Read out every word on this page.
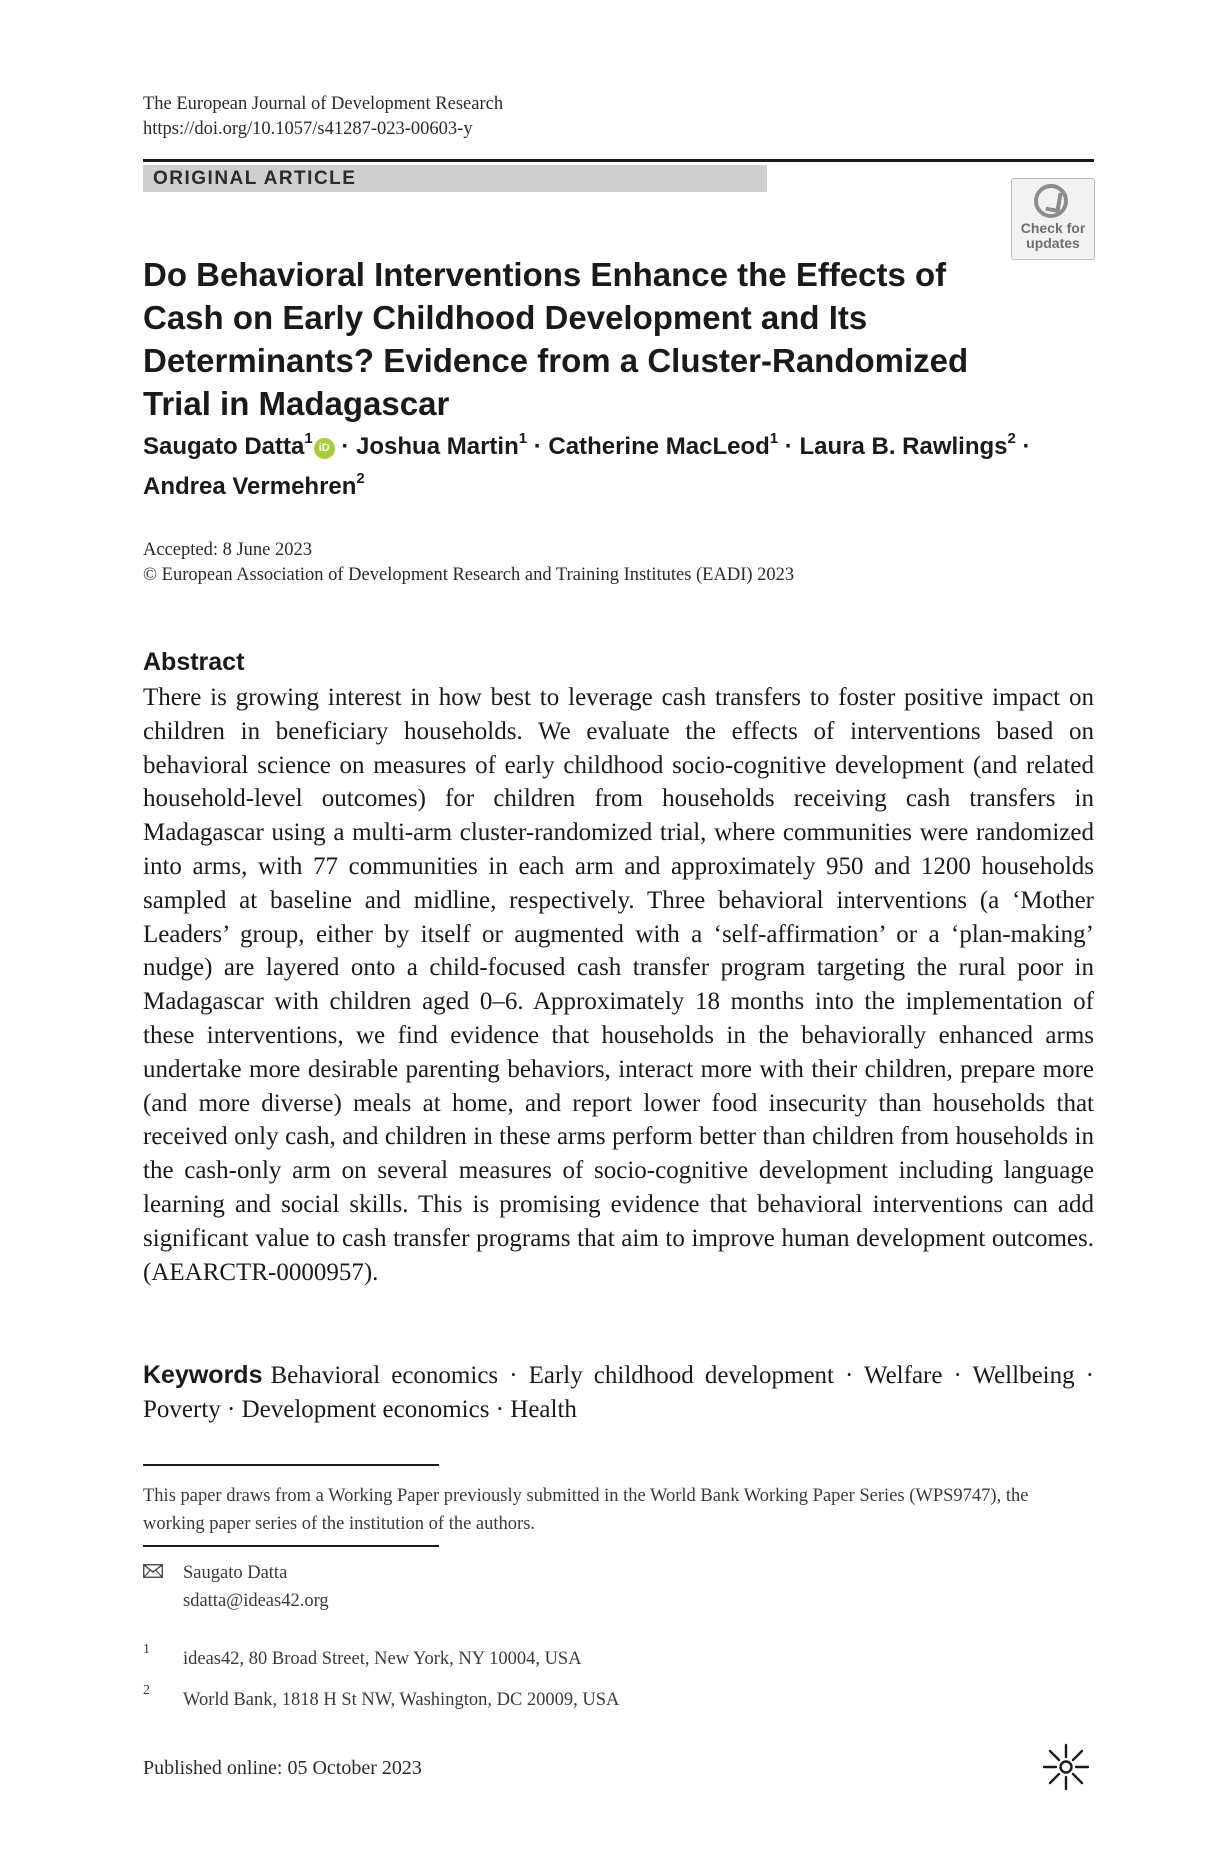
The European Journal of Development Research
https://doi.org/10.1057/s41287-023-00603-y
ORIGINAL ARTICLE
Check for updates
Do Behavioral Interventions Enhance the Effects of Cash on Early Childhood Development and Its Determinants? Evidence from a Cluster-Randomized Trial in Madagascar
Saugato Datta$^1$iD · Joshua Martin$^1$ · Catherine MacLeod$^1$ · Laura B. Rawlings$^2$ ·
Andrea Vermehren$^2$
Accepted: 8 June 2023
© European Association of Development Research and Training Institutes (EADI) 2023
Abstract
There is growing interest in how best to leverage cash transfers to foster positive impact on children in beneficiary households. We evaluate the effects of interventions based on behavioral science on measures of early childhood socio-cognitive development (and related household-level outcomes) for children from households receiving cash transfers in Madagascar using a multi-arm cluster-randomized trial, where communities were randomized into arms, with 77 communities in each arm and approximately 950 and 1200 households sampled at baseline and midline, respectively. Three behavioral interventions (a ‘Mother Leaders’ group, either by itself or augmented with a ‘self-affirmation’ or a ‘plan-making’ nudge) are layered onto a child-focused cash transfer program targeting the rural poor in Madagascar with children aged 0–6. Approximately 18 months into the implementation of these interventions, we find evidence that households in the behaviorally enhanced arms undertake more desirable parenting behaviors, interact more with their children, prepare more (and more diverse) meals at home, and report lower food insecurity than households that received only cash, and children in these arms perform better than children from households in the cash-only arm on several measures of socio-cognitive development including language learning and social skills. This is promising evidence that behavioral interventions can add significant value to cash transfer programs that aim to improve human development outcomes. (AEARCTR-0000957).
Keywords Behavioral economics · Early childhood development · Welfare · Wellbeing · Poverty · Development economics · Health
This paper draws from a Working Paper previously submitted in the World Bank Working Paper Series (WPS9747), the working paper series of the institution of the authors.
Saugato Datta
sdatta@ideas42.org
1 ideas42, 80 Broad Street, New York, NY 10004, USA
2 World Bank, 1818 H St NW, Washington, DC 20009, USA
Published online: 05 October 2023
